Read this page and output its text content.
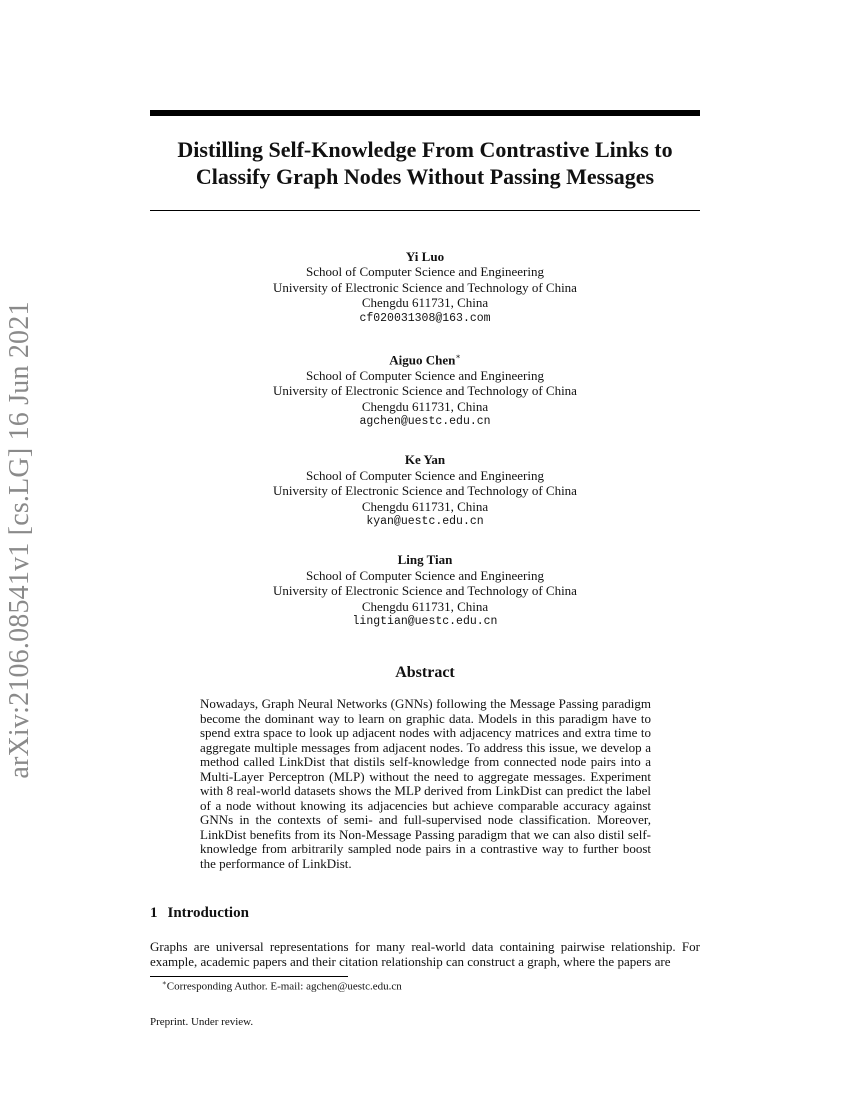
arXiv:2106.08541v1 [cs.LG] 16 Jun 2021
Distilling Self-Knowledge From Contrastive Links to Classify Graph Nodes Without Passing Messages
Yi Luo
School of Computer Science and Engineering
University of Electronic Science and Technology of China
Chengdu 611731, China
cf020031308@163.com
Aiguo Chen∗
School of Computer Science and Engineering
University of Electronic Science and Technology of China
Chengdu 611731, China
agchen@uestc.edu.cn
Ke Yan
School of Computer Science and Engineering
University of Electronic Science and Technology of China
Chengdu 611731, China
kyan@uestc.edu.cn
Ling Tian
School of Computer Science and Engineering
University of Electronic Science and Technology of China
Chengdu 611731, China
lingtian@uestc.edu.cn
Abstract
Nowadays, Graph Neural Networks (GNNs) following the Message Passing paradigm become the dominant way to learn on graphic data. Models in this paradigm have to spend extra space to look up adjacent nodes with adjacency matrices and extra time to aggregate multiple messages from adjacent nodes. To address this issue, we develop a method called LinkDist that distils self-knowledge from connected node pairs into a Multi-Layer Perceptron (MLP) without the need to aggregate messages. Experiment with 8 real-world datasets shows the MLP derived from LinkDist can predict the label of a node without knowing its adjacencies but achieve comparable accuracy against GNNs in the contexts of semi- and full-supervised node classification. Moreover, LinkDist benefits from its Non-Message Passing paradigm that we can also distil self-knowledge from arbitrarily sampled node pairs in a contrastive way to further boost the performance of LinkDist.
1 Introduction
Graphs are universal representations for many real-world data containing pairwise relationship. For example, academic papers and their citation relationship can construct a graph, where the papers are
∗Corresponding Author. E-mail: agchen@uestc.edu.cn
Preprint. Under review.
